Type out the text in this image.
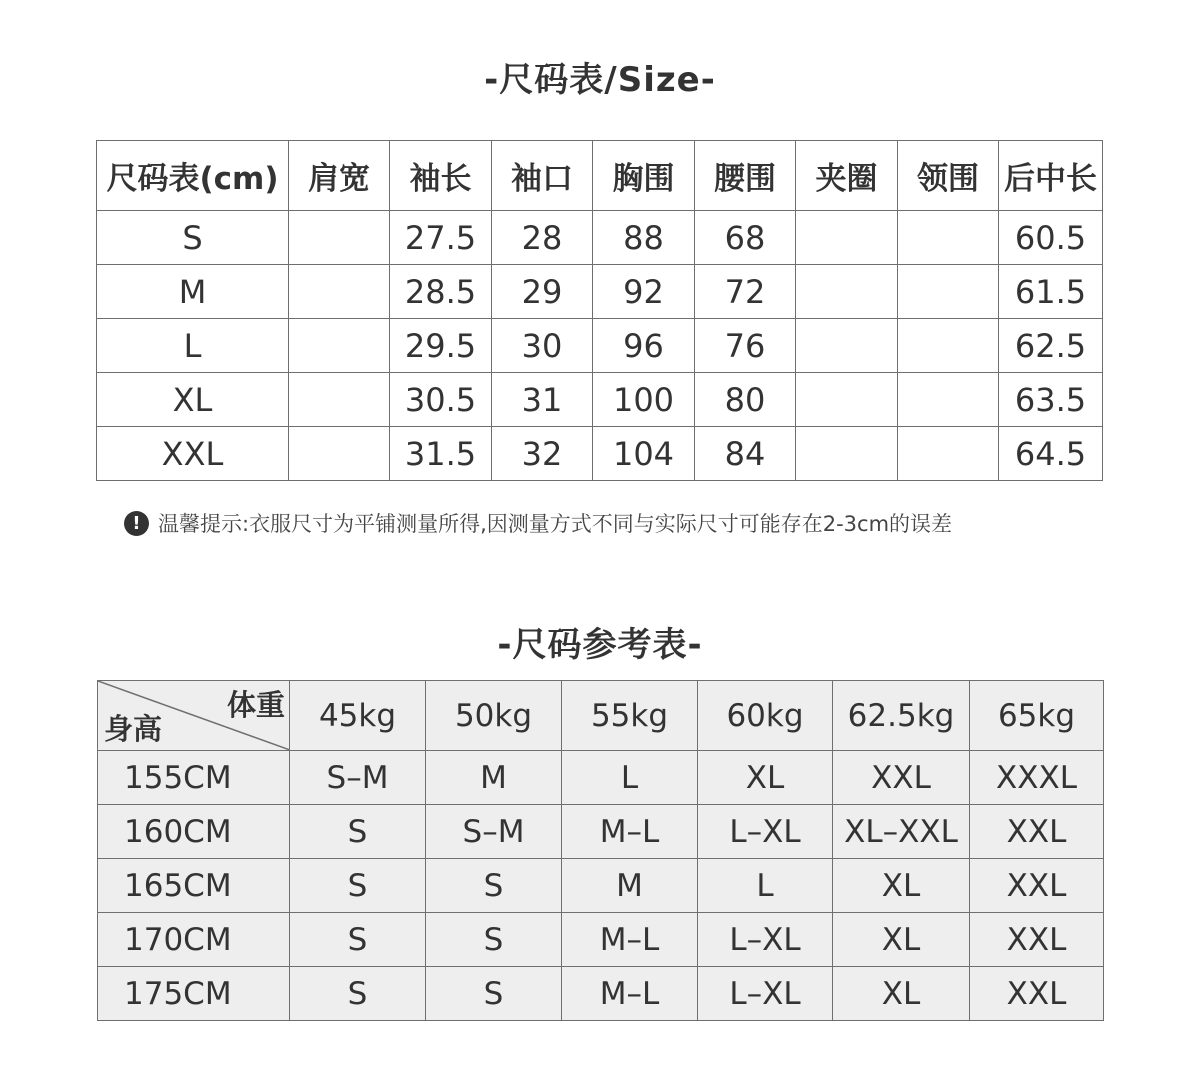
-尺码表/Size-
尺码表(cm)	肩宽	袖长	袖口	胸围	腰围	夹圈	领围	后中长
S		27.5	28	88	68			60.5
M		28.5	29	92	72			61.5
L		29.5	30	96	76			62.5
XL		30.5	31	100	80			63.5
XXL		31.5	32	104	84			64.5
! 温馨提示:衣服尺寸为平铺测量所得,因测量方式不同与实际尺寸可能存在2-3cm的误差
-尺码参考表-
体重
身高	45kg	50kg	55kg	60kg	62.5kg	65kg
155CM	S–M	M	L	XL	XXL	XXXL
160CM	S	S–M	M–L	L–XL	XL–XXL	XXL
165CM	S	S	M	L	XL	XXL
170CM	S	S	M–L	L–XL	XL	XXL
175CM	S	S	M–L	L–XL	XL	XXL
